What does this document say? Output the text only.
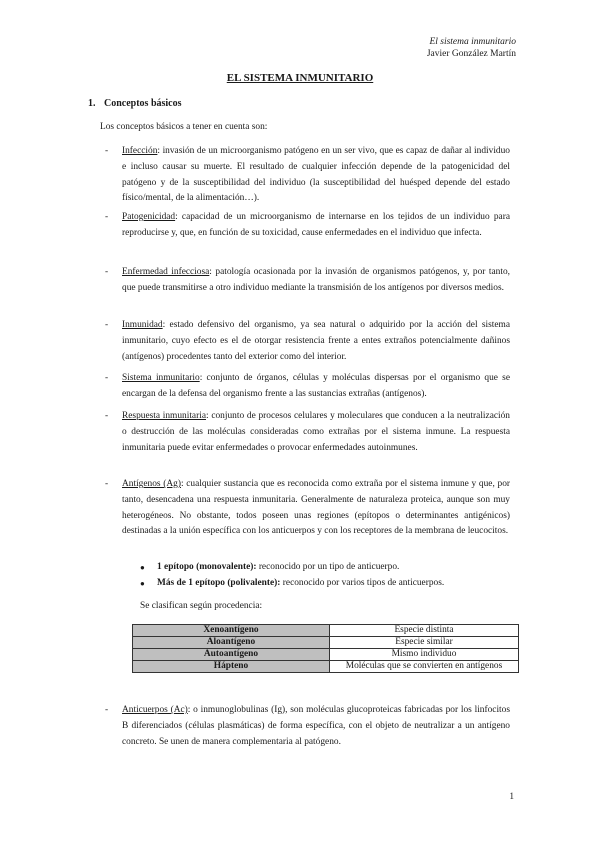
El sistema inmunitario
Javier González Martín
EL SISTEMA INMUNITARIO
1. Conceptos básicos
Los conceptos básicos a tener en cuenta son:
- Infección: invasión de un microorganismo patógeno en un ser vivo, que es capaz de dañar al individuo e incluso causar su muerte. El resultado de cualquier infección depende de la patogenicidad del patógeno y de la susceptibilidad del individuo (la susceptibilidad del huésped depende del estado físico/mental, de la alimentación…).
- Patogenicidad: capacidad de un microorganismo de internarse en los tejidos de un individuo para reproducirse y, que, en función de su toxicidad, cause enfermedades en el individuo que infecta.
- Enfermedad infecciosa: patología ocasionada por la invasión de organismos patógenos, y, por tanto, que puede transmitirse a otro individuo mediante la transmisión de los antígenos por diversos medios.
- Inmunidad: estado defensivo del organismo, ya sea natural o adquirido por la acción del sistema inmunitario, cuyo efecto es el de otorgar resistencia frente a entes extraños potencialmente dañinos (antígenos) procedentes tanto del exterior como del interior.
- Sistema inmunitario: conjunto de órganos, células y moléculas dispersas por el organismo que se encargan de la defensa del organismo frente a las sustancias extrañas (antígenos).
- Respuesta inmunitaria: conjunto de procesos celulares y moleculares que conducen a la neutralización o destrucción de las moléculas consideradas como extrañas por el sistema inmune. La respuesta inmunitaria puede evitar enfermedades o provocar enfermedades autoinmunes.
- Antígenos (Ag): cualquier sustancia que es reconocida como extraña por el sistema inmune y que, por tanto, desencadena una respuesta inmunitaria. Generalmente de naturaleza proteica, aunque son muy heterogéneos. No obstante, todos poseen unas regiones (epítopos o determinantes antigénicos) destinadas a la unión específica con los anticuerpos y con los receptores de la membrana de leucocitos.
● 1 epítopo (monovalente): reconocido por un tipo de anticuerpo.
● Más de 1 epítopo (polivalente): reconocido por varios tipos de anticuerpos.
Se clasifican según procedencia:
Xenoantígeno	Especie distinta
Aloantígeno	Especie similar
Autoantígeno	Mismo individuo
Hápteno	Moléculas que se convierten en antígenos
- Anticuerpos (Ac): o inmunoglobulinas (Ig), son moléculas glucoproteicas fabricadas por los linfocitos B diferenciados (células plasmáticas) de forma específica, con el objeto de neutralizar a un antígeno concreto. Se unen de manera complementaria al patógeno.
1
